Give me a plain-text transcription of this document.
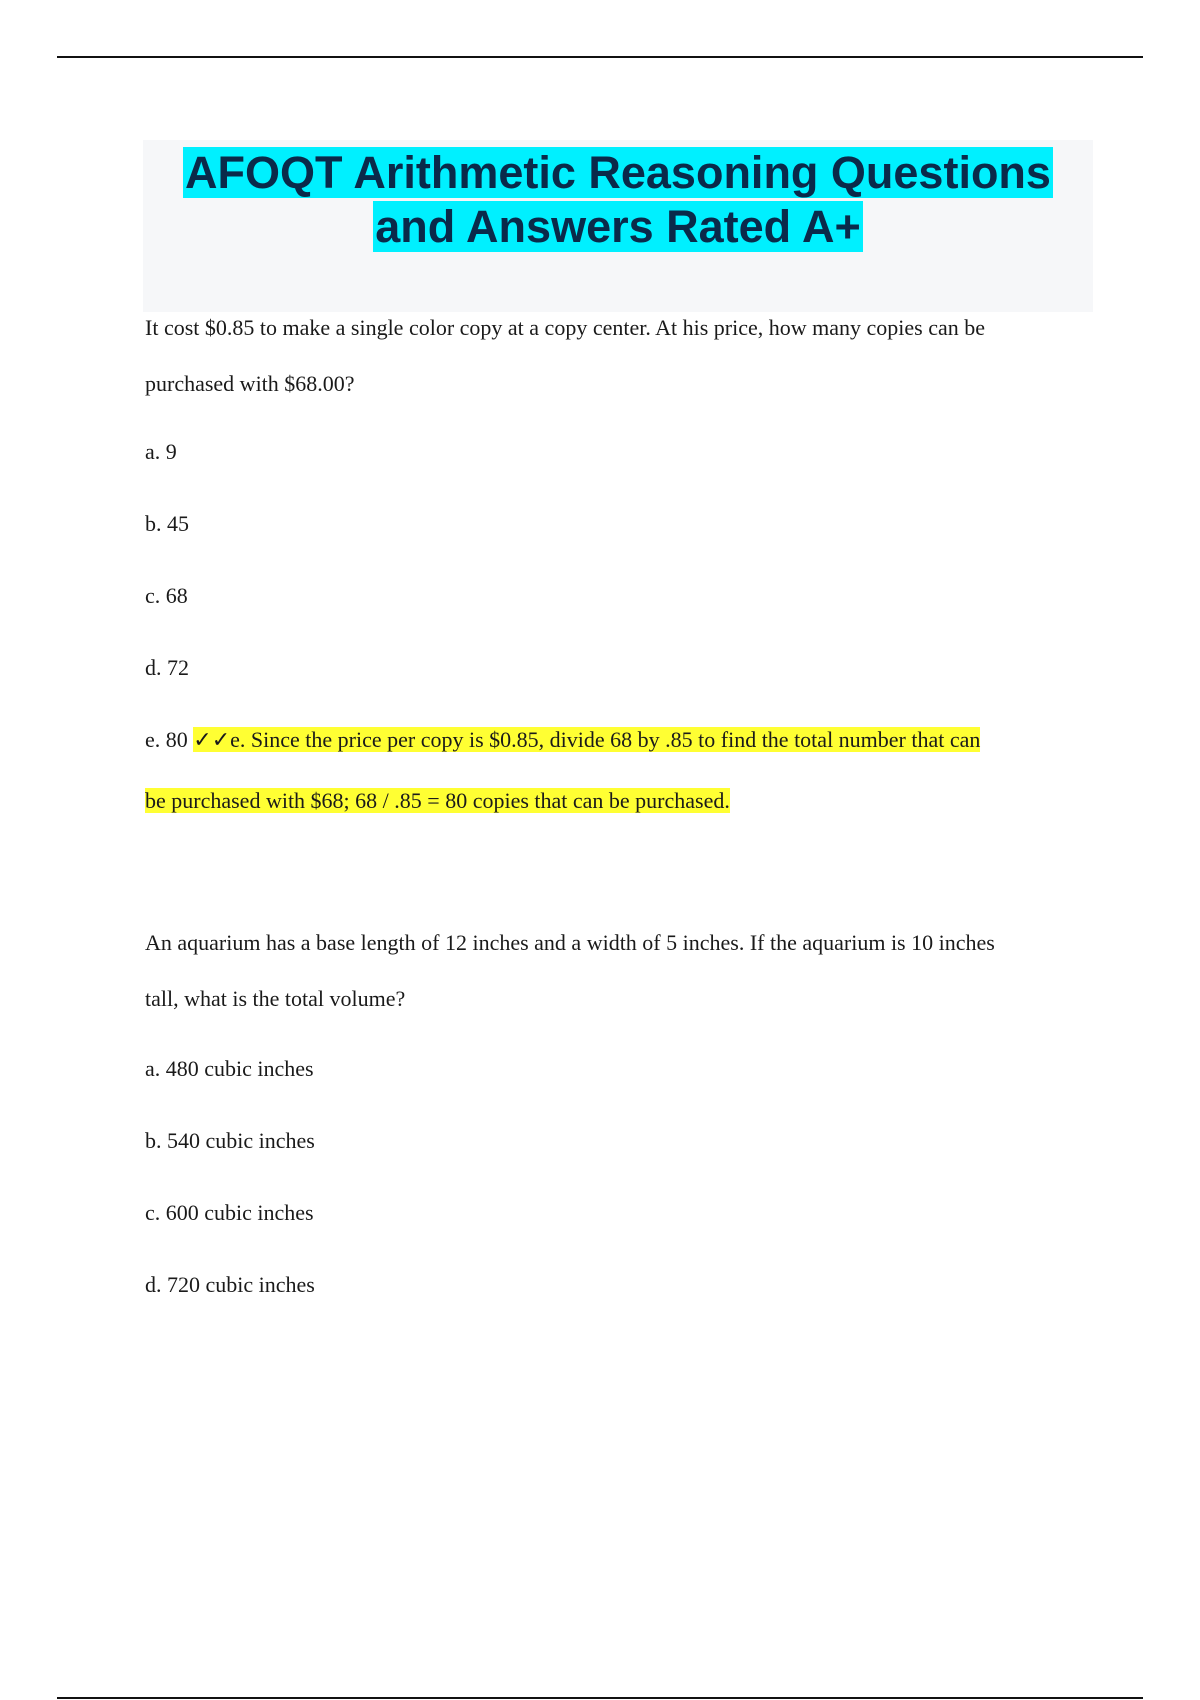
AFOQT Arithmetic Reasoning Questions
and Answers Rated A+

It cost $0.85 to make a single color copy at a copy center. At his price, how many copies can be

purchased with $68.00?

a. 9

b. 45

c. 68

d. 72

e. 80 ✓✓e. Since the price per copy is $0.85, divide 68 by .85 to find the total number that can

be purchased with $68; 68 / .85 = 80 copies that can be purchased.

An aquarium has a base length of 12 inches and a width of 5 inches. If the aquarium is 10 inches

tall, what is the total volume?

a. 480 cubic inches

b. 540 cubic inches

c. 600 cubic inches

d. 720 cubic inches
